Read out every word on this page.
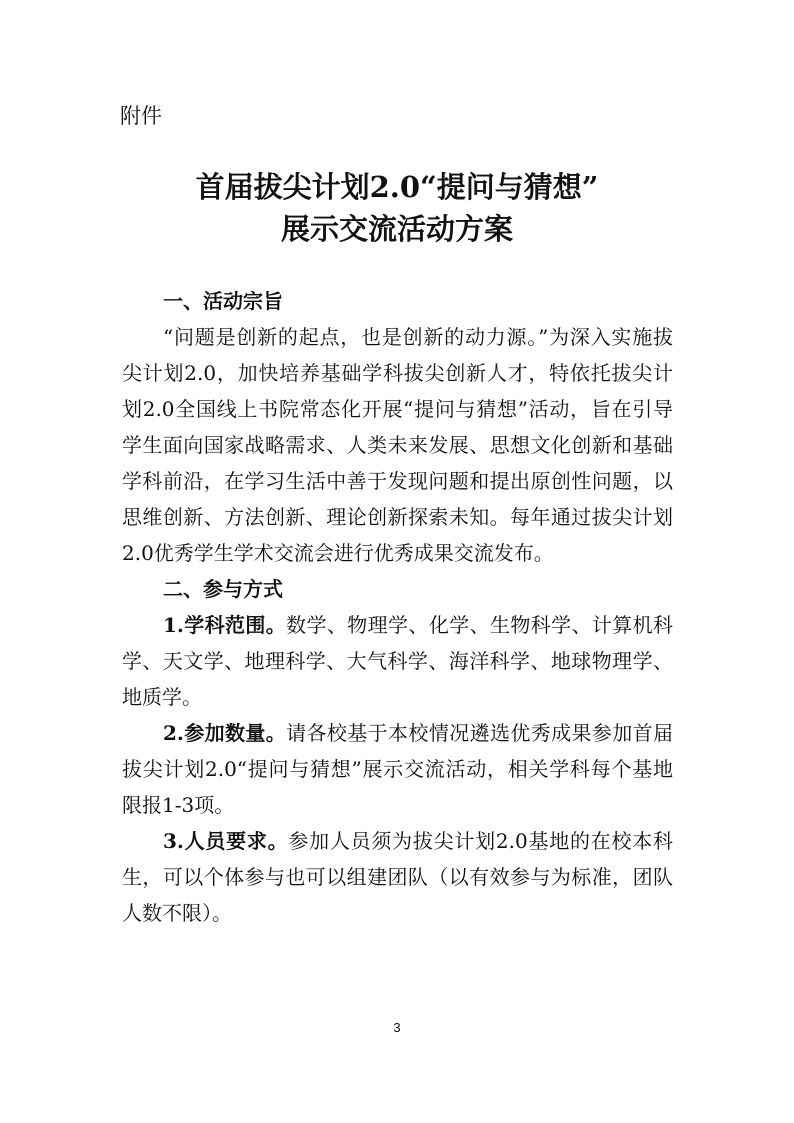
附件
首届拔尖计划2.0“提问与猜想”
展示交流活动方案

一、活动宗旨

“问题是创新的起点，也是创新的动力源。”为深入实施拔尖计划2.0，加快培养基础学科拔尖创新人才，特依托拔尖计划2.0全国线上书院常态化开展“提问与猜想”活动，旨在引导学生面向国家战略需求、人类未来发展、思想文化创新和基础学科前沿，在学习生活中善于发现问题和提出原创性问题，以思维创新、方法创新、理论创新探索未知。每年通过拔尖计划2.0优秀学生学术交流会进行优秀成果交流发布。

二、参与方式

1.学科范围。数学、物理学、化学、生物科学、计算机科学、天文学、地理科学、大气科学、海洋科学、地球物理学、地质学。

2.参加数量。请各校基于本校情况遴选优秀成果参加首届拔尖计划2.0“提问与猜想”展示交流活动，相关学科每个基地限报1-3项。

3.人员要求。参加人员须为拔尖计划2.0基地的在校本科生，可以个体参与也可以组建团队（以有效参与为标准，团队人数不限）。

3
